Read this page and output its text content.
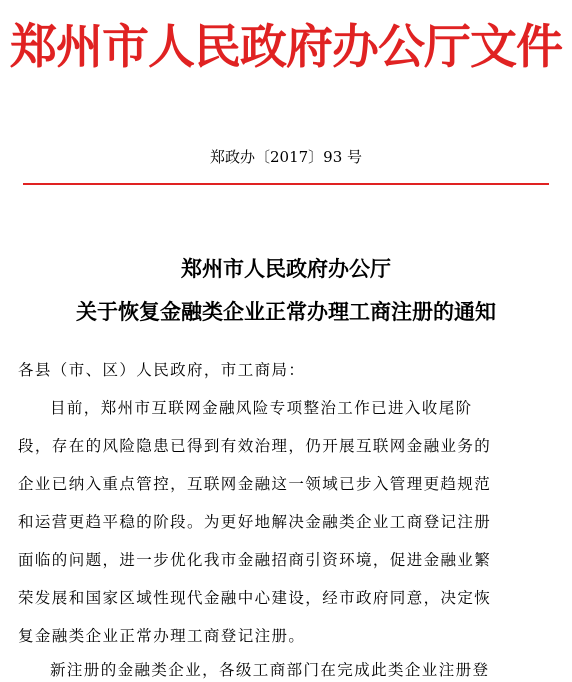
郑州市人民政府办公厅文件
郑政办〔2017〕93 号
郑州市人民政府办公厅
关于恢复金融类企业正常办理工商注册的通知
各县（市、区）人民政府，市工商局：
目前，郑州市互联网金融风险专项整治工作已进入收尾阶
段，存在的风险隐患已得到有效治理，仍开展互联网金融业务的
企业已纳入重点管控，互联网金融这一领域已步入管理更趋规范
和运营更趋平稳的阶段。为更好地解决金融类企业工商登记注册
面临的问题，进一步优化我市金融招商引资环境，促进金融业繁
荣发展和国家区域性现代金融中心建设，经市政府同意，决定恢
复金融类企业正常办理工商登记注册。
新注册的金融类企业，各级工商部门在完成此类企业注册登
